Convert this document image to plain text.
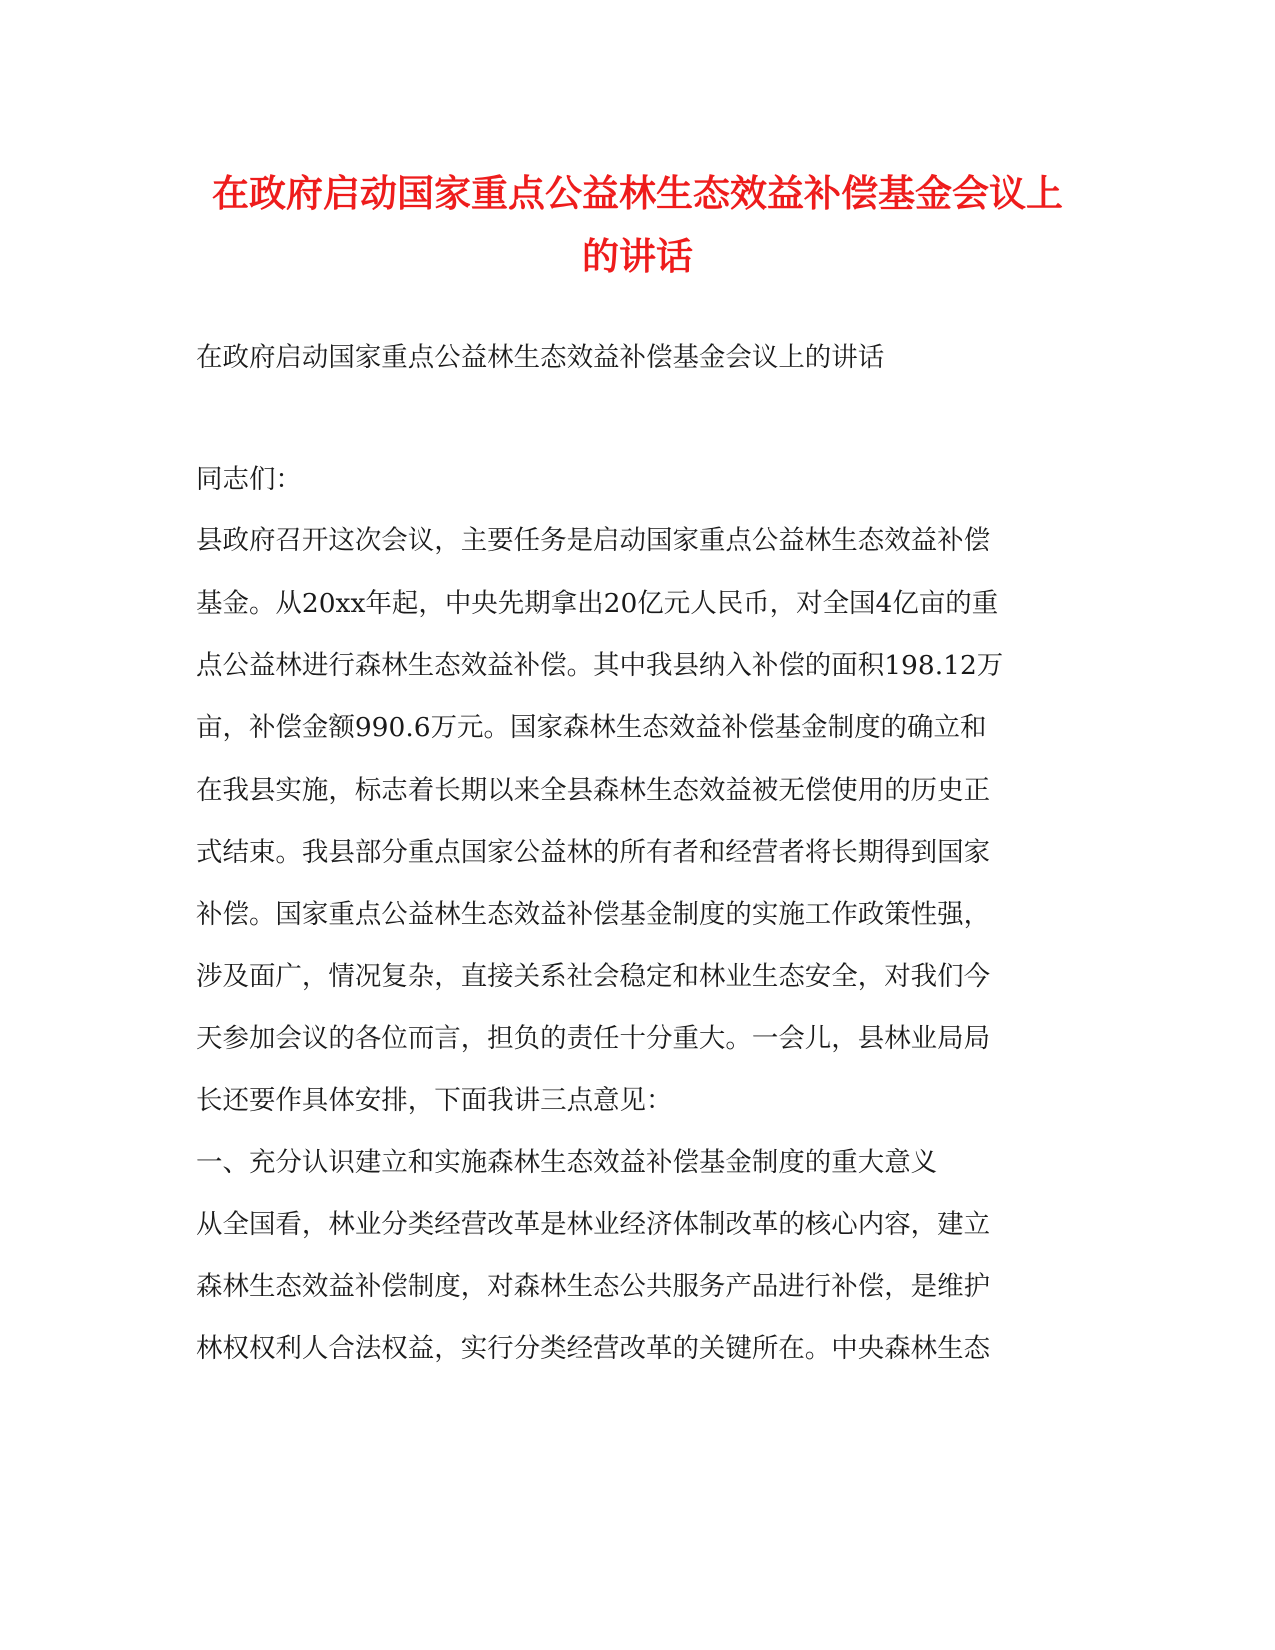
在政府启动国家重点公益林生态效益补偿基金会议上
的讲话

在政府启动国家重点公益林生态效益补偿基金会议上的讲话

同志们：

县政府召开这次会议，主要任务是启动国家重点公益林生态效益补偿

基金。从20xx年起，中央先期拿出20亿元人民币，对全国4亿亩的重

点公益林进行森林生态效益补偿。其中我县纳入补偿的面积198.12万

亩，补偿金额990.6万元。国家森林生态效益补偿基金制度的确立和

在我县实施，标志着长期以来全县森林生态效益被无偿使用的历史正

式结束。我县部分重点国家公益林的所有者和经营者将长期得到国家

补偿。国家重点公益林生态效益补偿基金制度的实施工作政策性强，

涉及面广，情况复杂，直接关系社会稳定和林业生态安全，对我们今

天参加会议的各位而言，担负的责任十分重大。一会儿，县林业局局

长还要作具体安排，下面我讲三点意见：

一、充分认识建立和实施森林生态效益补偿基金制度的重大意义

从全国看，林业分类经营改革是林业经济体制改革的核心内容，建立

森林生态效益补偿制度，对森林生态公共服务产品进行补偿，是维护

林权权利人合法权益，实行分类经营改革的关键所在。中央森林生态
